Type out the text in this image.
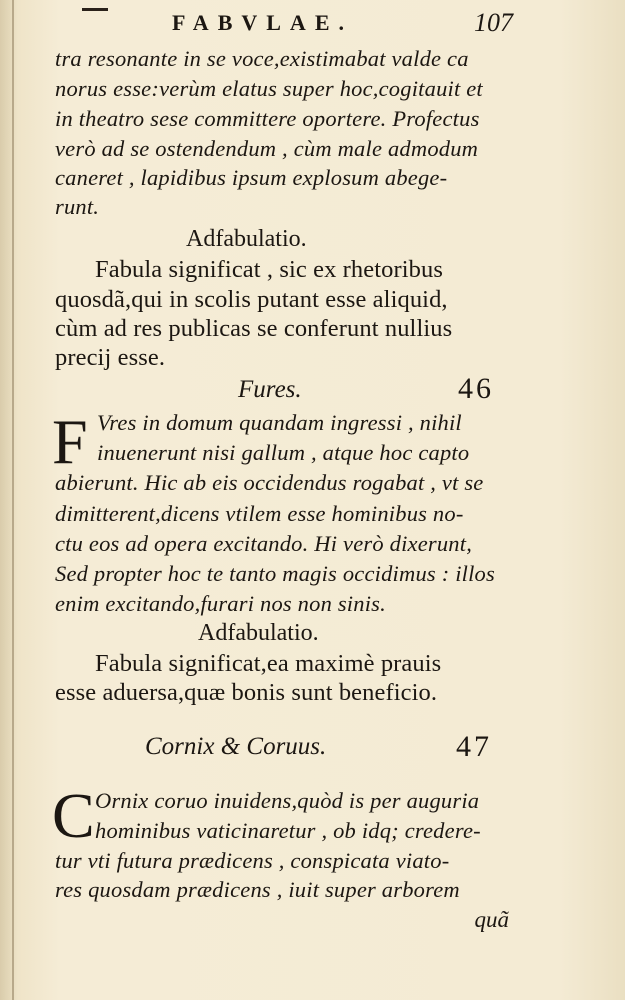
FABVLAE.	107
tra resonante in se voce,existimabat valde ca
norus esse:verùm elatus super hoc,cogitauit et
in theatro sese committere oportere. Profectus
verò ad se ostendendum , cùm male admodum
caneret , lapidibus ipsum explosum abege-
runt.
Adfabulatio.
Fabula significat , sic ex rhetoribus
quosdã,qui in scolis putant esse aliquid,
cùm ad res publicas se conferunt nullius
precij esse.
Fures.	46
F Vres in domum quandam ingressi , nihil
inuenerunt nisi gallum , atque hoc capto
abierunt. Hic ab eis occidendus rogabat , vt se
dimitterent,dicens vtilem esse hominibus no-
ctu eos ad opera excitando. Hi verò dixerunt,
Sed propter hoc te tanto magis occidimus : illos
enim excitando,furari nos non sinis.
Adfabulatio.
Fabula significat,ea maximè prauis
esse aduersa,quæ bonis sunt beneficio.
Cornix & Coruus.	47
C Ornix coruo inuidens,quòd is per auguria
hominibus vaticinaretur , ob idq; credere-
tur vti futura prædicens , conspicata viato-
res quosdam prædicens , iuit super arborem
quã
